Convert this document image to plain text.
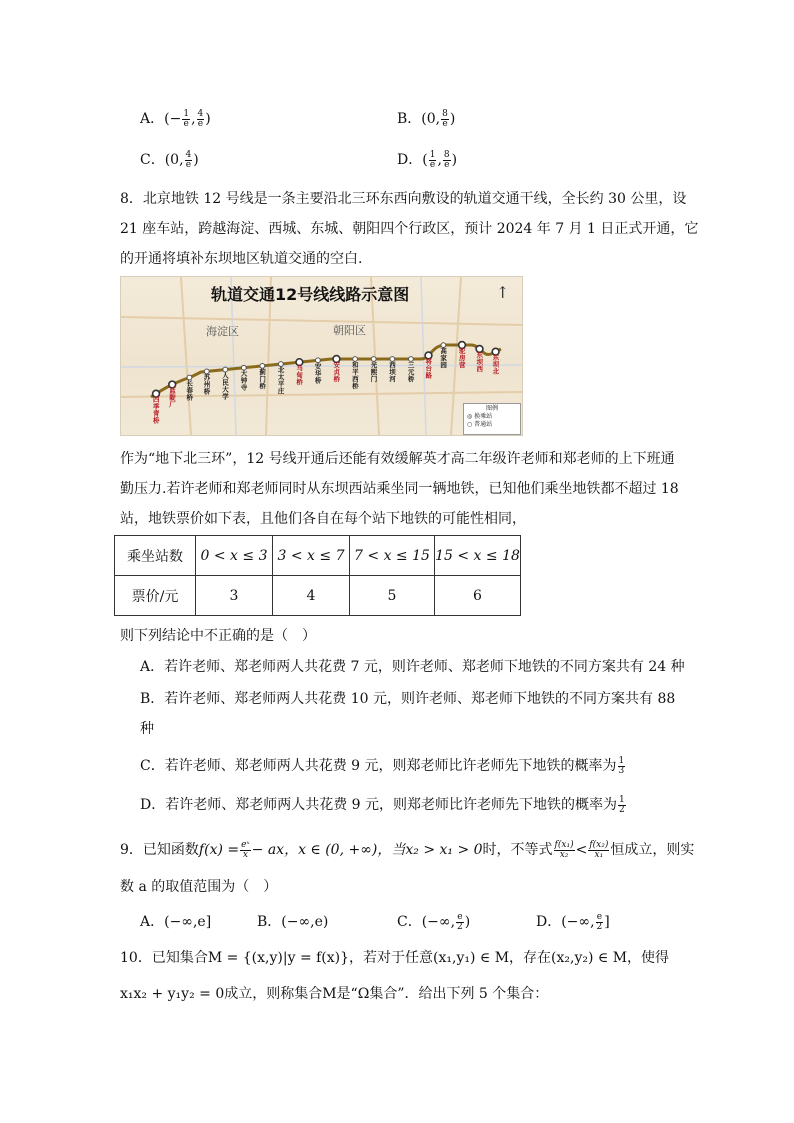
A．(− $\frac{1}{e}$ , $\frac{4}{e}$ )	B．(0, $\frac{8}{e}$ )
C．(0, $\frac{4}{e}$ )	D．( $\frac{1}{e}$ , $\frac{8}{e}$ )
8．北京地铁 12 号线是一条主要沿北三环东西向敷设的轨道交通干线，全长约 30 公里，设
21 座车站，跨越海淀、西城、东城、朝阳四个行政区，预计 2024 年 7 月 1 日正式开通，它
的开通将填补东坝地区轨道交通的空白.
四季青桥
蓝靛厂
长春桥
苏州桥
人民大学
大钟寺
蓟门桥
北太平庄
马甸桥
安华桥
安贞桥
和平西桥
光熙门
西坝河
三元桥
将台路
高家园
驼房营
东坝西
东坝北
轨道交通12号线线路示意图	↑
海淀区	朝阳区
图例
◎ 换乘站
○ 普通站
作为“地下北三环”，12 号线开通后还能有效缓解英才高二年级许老师和郑老师的上下班通
勤压力.若许老师和郑老师同时从东坝西站乘坐同一辆地铁，已知他们乘坐地铁都不超过 18
站，地铁票价如下表，且他们各自在每个站下地铁的可能性相同，
乘坐站数	0 < x ≤ 3	3 < x ≤ 7	7 < x ≤ 15	15 < x ≤ 18
票价/元	3	4	5	6
则下列结论中不正确的是（　）
A．若许老师、郑老师两人共花费 7 元，则许老师、郑老师下地铁的不同方案共有 24 种
B．若许老师、郑老师两人共花费 10 元，则许老师、郑老师下地铁的不同方案共有 88
种
C．若许老师、郑老师两人共花费 9 元，则郑老师比许老师先下地铁的概率为 $\frac{1}{3}$
D．若许老师、郑老师两人共花费 9 元，则郑老师比许老师先下地铁的概率为 $\frac{1}{2}$
9．已知函数$f(x) = \frac{\text{eˣ}}{x}$ − ax，x ∈ (0, +∞)，当x₂ > x₁ > 0时，不等式 $\frac{\text{f(x₁)}}{\text{x₂}} < \frac{\text{f(x₂)}}{\text{x₁}}$ 恒成立，则实
数 a 的取值范围为（　）
A．(−∞,e]	B．(−∞,e)	C．(−∞, $\frac{e}{2}$ )	D．(−∞, $\frac{e}{2}$ ]
10．已知集合M = {(x,y)|y = f(x)}，若对于任意(x₁,y₁) ∈ M，存在(x₂,y₂) ∈ M，使得
x₁x₂ + y₁y₂ = 0成立，则称集合M是“Ω集合”．给出下列 5 个集合：
